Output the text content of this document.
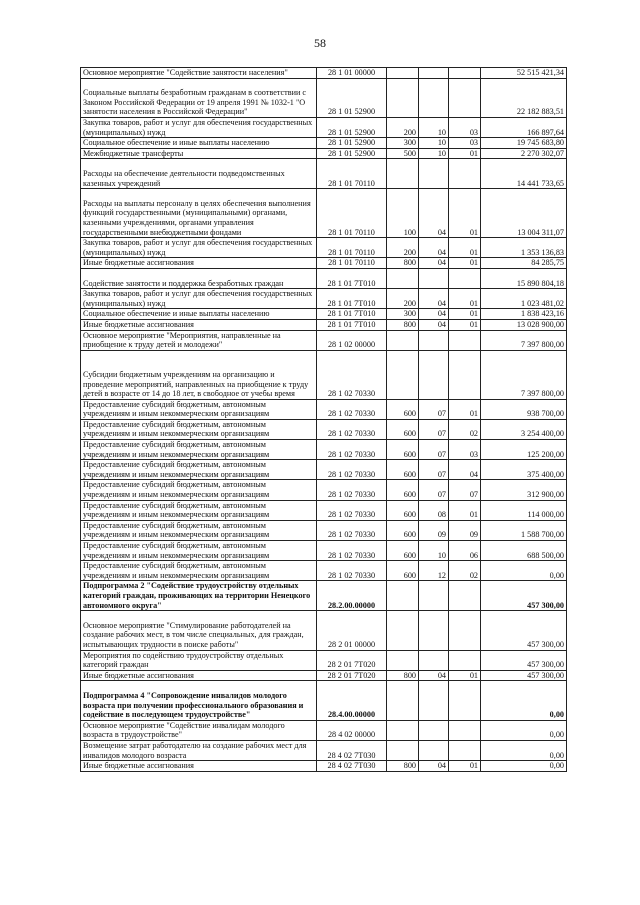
58
Основное мероприятие "Содействие занятости населения"	28 1 01 00000				52 515 421,34
Социальные выплаты безработным гражданам в соответствии с Законом Российской Федерации от 19 апреля 1991 № 1032-1 "О занятости населения в Российской Федерации"	28 1 01 52900				22 182 883,51
Закупка товаров, работ и услуг для обеспечения государственных (муниципальных) нужд	28 1 01 52900	200	10	03	166 897,64
Социальное обеспечение и иные выплаты населению	28 1 01 52900	300	10	03	19 745 683,80
Межбюджетные трансферты	28 1 01 52900	500	10	01	2 270 302,07
Расходы на обеспечение деятельности подведомственных казенных учреждений	28 1 01 70110				14 441 733,65
Расходы на выплаты персоналу в целях обеспечения выполнения функций государственными (муниципальными) органами, казенными учреждениями, органами управления государственными внебюджетными фондами	28 1 01 70110	100	04	01	13 004 311,07
Закупка товаров, работ и услуг для обеспечения государственных (муниципальных) нужд	28 1 01 70110	200	04	01	1 353 136,83
Иные бюджетные ассигнования	28 1 01 70110	800	04	01	84 285,75
Содействие занятости и поддержка безработных граждан	28 1 01 7Т010				15 890 804,18
Закупка товаров, работ и услуг для обеспечения государственных (муниципальных) нужд	28 1 01 7Т010	200	04	01	1 023 481,02
Социальное обеспечение и иные выплаты населению	28 1 01 7Т010	300	04	01	1 838 423,16
Иные бюджетные ассигнования	28 1 01 7Т010	800	04	01	13 028 900,00
Основное мероприятие "Мероприятия, направленные на приобщение к труду детей и молодежи"	28 1 02 00000				7 397 800,00
Субсидии бюджетным учреждениям на организацию и проведение мероприятий, направленных на приобщение к труду детей в возрасте от 14 до 18 лет, в свободное от учебы время	28 1 02 70330				7 397 800,00
Предоставление субсидий бюджетным, автономным учреждениям и иным некоммерческим организациям	28 1 02 70330	600	07	01	938 700,00
Предоставление субсидий бюджетным, автономным учреждениям и иным некоммерческим организациям	28 1 02 70330	600	07	02	3 254 400,00
Предоставление субсидий бюджетным, автономным учреждениям и иным некоммерческим организациям	28 1 02 70330	600	07	03	125 200,00
Предоставление субсидий бюджетным, автономным учреждениям и иным некоммерческим организациям	28 1 02 70330	600	07	04	375 400,00
Предоставление субсидий бюджетным, автономным учреждениям и иным некоммерческим организациям	28 1 02 70330	600	07	07	312 900,00
Предоставление субсидий бюджетным, автономным учреждениям и иным некоммерческим организациям	28 1 02 70330	600	08	01	114 000,00
Предоставление субсидий бюджетным, автономным учреждениям и иным некоммерческим организациям	28 1 02 70330	600	09	09	1 588 700,00
Предоставление субсидий бюджетным, автономным учреждениям и иным некоммерческим организациям	28 1 02 70330	600	10	06	688 500,00
Предоставление субсидий бюджетным, автономным учреждениям и иным некоммерческим организациям	28 1 02 70330	600	12	02	0,00
Подпрограмма 2 "Содействие трудоустройству отдельных категорий граждан, проживающих на территории Ненецкого автономного округа"	28.2.00.00000				457 300,00
Основное мероприятие "Стимулирование работодателей на создание рабочих мест, в том числе специальных, для граждан, испытывающих трудности в поиске работы"	28 2 01 00000				457 300,00
Мероприятия по содействию трудоустройству отдельных категорий граждан	28 2 01 7Т020				457 300,00
Иные бюджетные ассигнования	28 2 01 7Т020	800	04	01	457 300,00
Подпрограмма 4 "Сопровождение инвалидов молодого возраста при получении профессионального образования и содействие в последующем трудоустройстве"	28.4.00.00000				0,00
Основное мероприятие "Содействие инвалидам молодого возраста в трудоустройстве"	28 4 02 00000				0,00
Возмещение затрат работодателю на создание рабочих мест для инвалидов молодого возраста	28 4 02 7Т030				0,00
Иные бюджетные ассигнования	28 4 02 7Т030	800	04	01	0,00
